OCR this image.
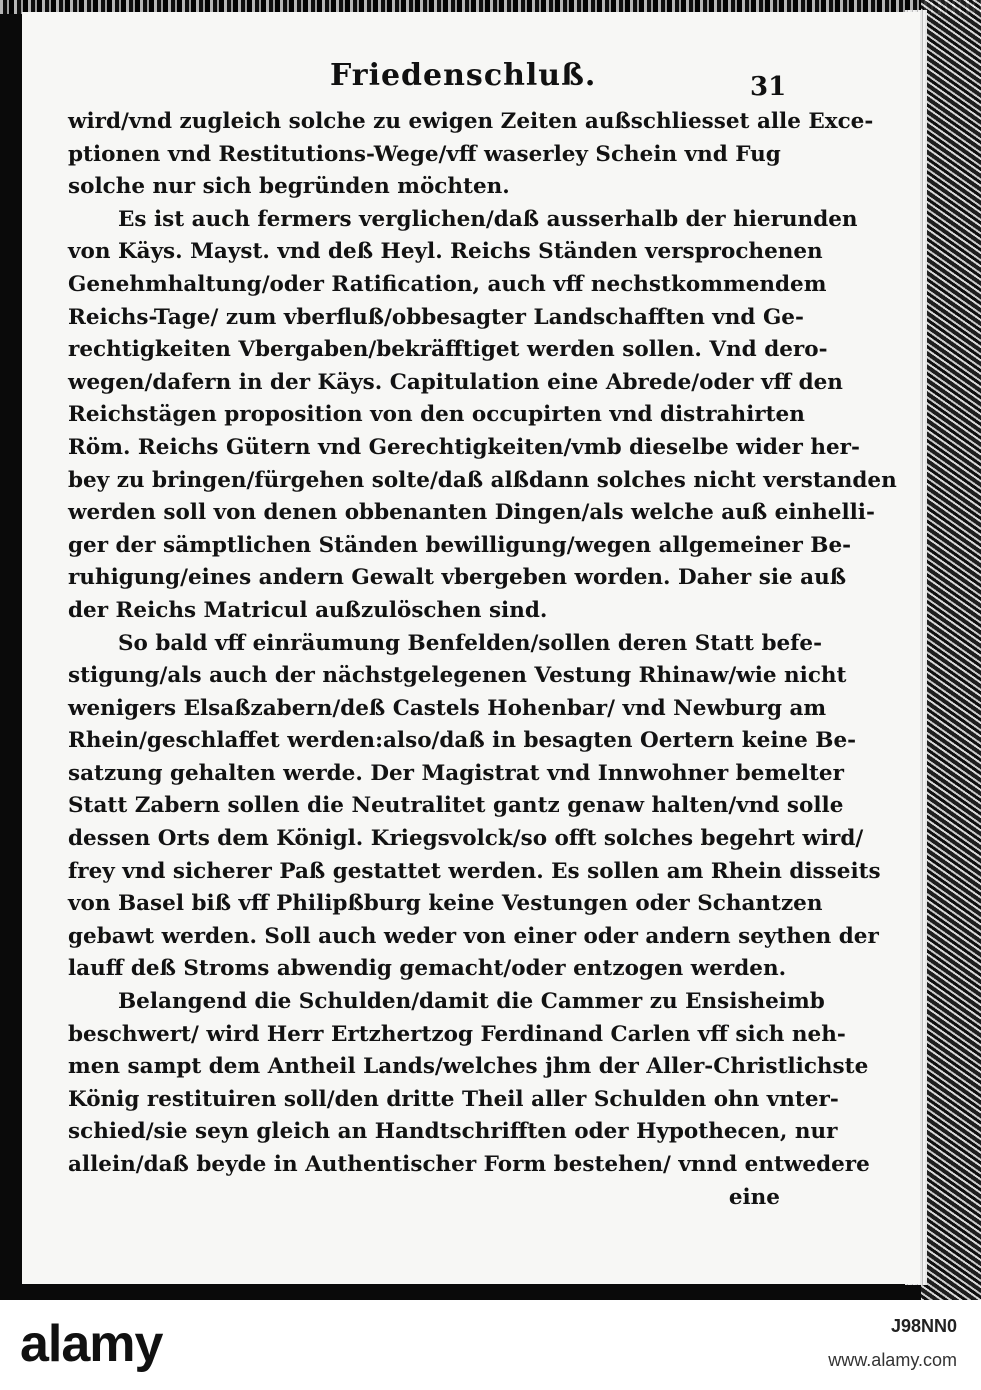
Friedenschluß.	31
wird/vnd zugleich solche zu ewigen Zeiten außschliesset alle Exce-
ptionen vnd Restitutions-Wege/vff waserley Schein vnd Fug
solche nur sich begründen möchten.
Es ist auch fermers verglichen/daß ausserhalb der hierunden
von Käys. Mayst. vnd deß Heyl. Reichs Ständen versprochenen
Genehmhaltung/oder Ratification, auch vff nechstkommendem
Reichs-Tage/ zum vberfluß/obbesagter Landschafften vnd Ge-
rechtigkeiten Vbergaben/bekräfftiget werden sollen. Vnd dero-
wegen/dafern in der Käys. Capitulation eine Abrede/oder vff den
Reichstägen proposition von den occupirten vnd distrahirten
Röm. Reichs Gütern vnd Gerechtigkeiten/vmb dieselbe wider her-
bey zu bringen/fürgehen solte/daß alßdann solches nicht verstanden
werden soll von denen obbenanten Dingen/als welche auß einhelli-
ger der sämptlichen Ständen bewilligung/wegen allgemeiner Be-
ruhigung/eines andern Gewalt vbergeben worden. Daher sie auß
der Reichs Matricul außzulöschen sind.
So bald vff einräumung Benfelden/sollen deren Statt befe-
stigung/als auch der nächstgelegenen Vestung Rhinaw/wie nicht
wenigers Elsaßzabern/deß Castels Hohenbar/ vnd Newburg am
Rhein/geschlaffet werden:also/daß in besagten Oertern keine Be-
satzung gehalten werde. Der Magistrat vnd Innwohner bemelter
Statt Zabern sollen die Neutralitet gantz genaw halten/vnd solle
dessen Orts dem Königl. Kriegsvolck/so offt solches begehrt wird/
frey vnd sicherer Paß gestattet werden. Es sollen am Rhein disseits
von Basel biß vff Philipßburg keine Vestungen oder Schantzen
gebawt werden. Soll auch weder von einer oder andern seythen der
lauff deß Stroms abwendig gemacht/oder entzogen werden.
Belangend die Schulden/damit die Cammer zu Ensisheimb
beschwert/ wird Herr Ertzhertzog Ferdinand Carlen vff sich neh-
men sampt dem Antheil Lands/welches jhm der Aller-Christlichste
König restituiren soll/den dritte Theil aller Schulden ohn vnter-
schied/sie seyn gleich an Handtschrifften oder Hypothecen, nur
allein/daß beyde in Authentischer Form bestehen/ vnnd entwedere
eine
alamy	J98NN0
www.alamy.com
